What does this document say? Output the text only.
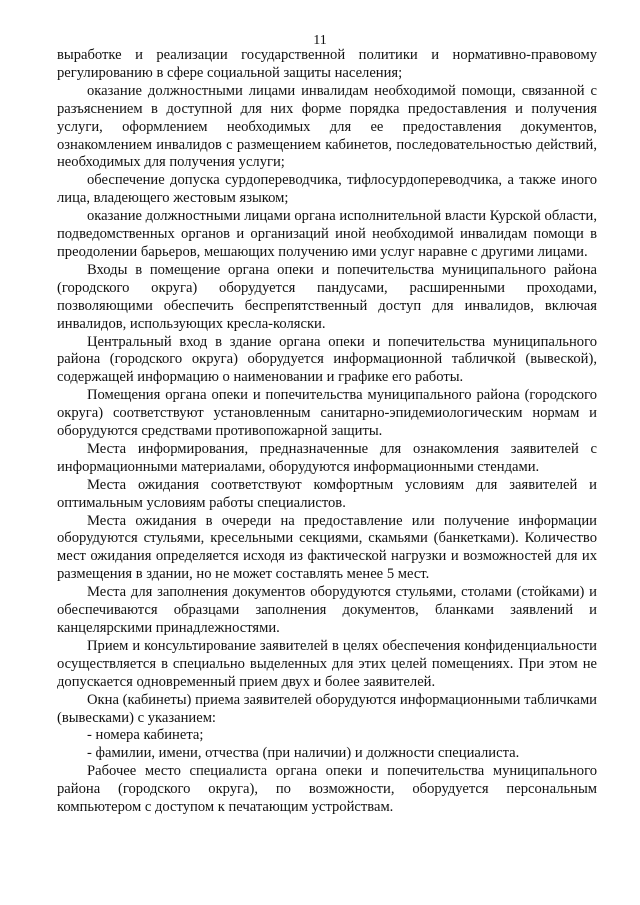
11

выработке и реализации государственной политики и нормативно-правовому регулированию в сфере социальной защиты населения;

оказание должностными лицами инвалидам необходимой помощи, связанной с разъяснением в доступной для них форме порядка предоставления и получения услуги, оформлением необходимых для ее предоставления документов, ознакомлением инвалидов с размещением кабинетов, последовательностью действий, необходимых для получения услуги;

обеспечение допуска сурдопереводчика, тифлосурдопереводчика, а также иного лица, владеющего жестовым языком;

оказание должностными лицами органа исполнительной власти Курской области, подведомственных органов и организаций иной необходимой инвалидам помощи в преодолении барьеров, мешающих получению ими услуг наравне с другими лицами.

Входы в помещение органа опеки и попечительства муниципального района (городского округа) оборудуется пандусами, расширенными проходами, позволяющими обеспечить беспрепятственный доступ для инвалидов, включая инвалидов, использующих кресла-коляски.

Центральный вход в здание органа опеки и попечительства муниципального района (городского округа) оборудуется информационной табличкой (вывеской), содержащей информацию о наименовании и графике его работы.

Помещения органа опеки и попечительства муниципального района (городского округа) соответствуют установленным санитарно-эпидемиологическим нормам и оборудуются средствами противопожарной защиты.

Места информирования, предназначенные для ознакомления заявителей с информационными материалами, оборудуются информационными стендами.

Места ожидания соответствуют комфортным условиям для заявителей и оптимальным условиям работы специалистов.

Места ожидания в очереди на предоставление или получение информации оборудуются стульями, кресельными секциями, скамьями (банкетками). Количество мест ожидания определяется исходя из фактической нагрузки и возможностей для их размещения в здании, но не может составлять менее 5 мест.

Места для заполнения документов оборудуются стульями, столами (стойками) и обеспечиваются образцами заполнения документов, бланками заявлений и канцелярскими принадлежностями.

Прием и консультирование заявителей в целях обеспечения конфиденциальности осуществляется в специально выделенных для этих целей помещениях. При этом не допускается одновременный прием двух и более заявителей.

Окна (кабинеты) приема заявителей оборудуются информационными табличками (вывесками) с указанием:

- номера кабинета;

- фамилии, имени, отчества (при наличии) и должности специалиста.

Рабочее место специалиста органа опеки и попечительства муниципального района (городского округа), по возможности, оборудуется персональным компьютером с доступом к печатающим устройствам.
